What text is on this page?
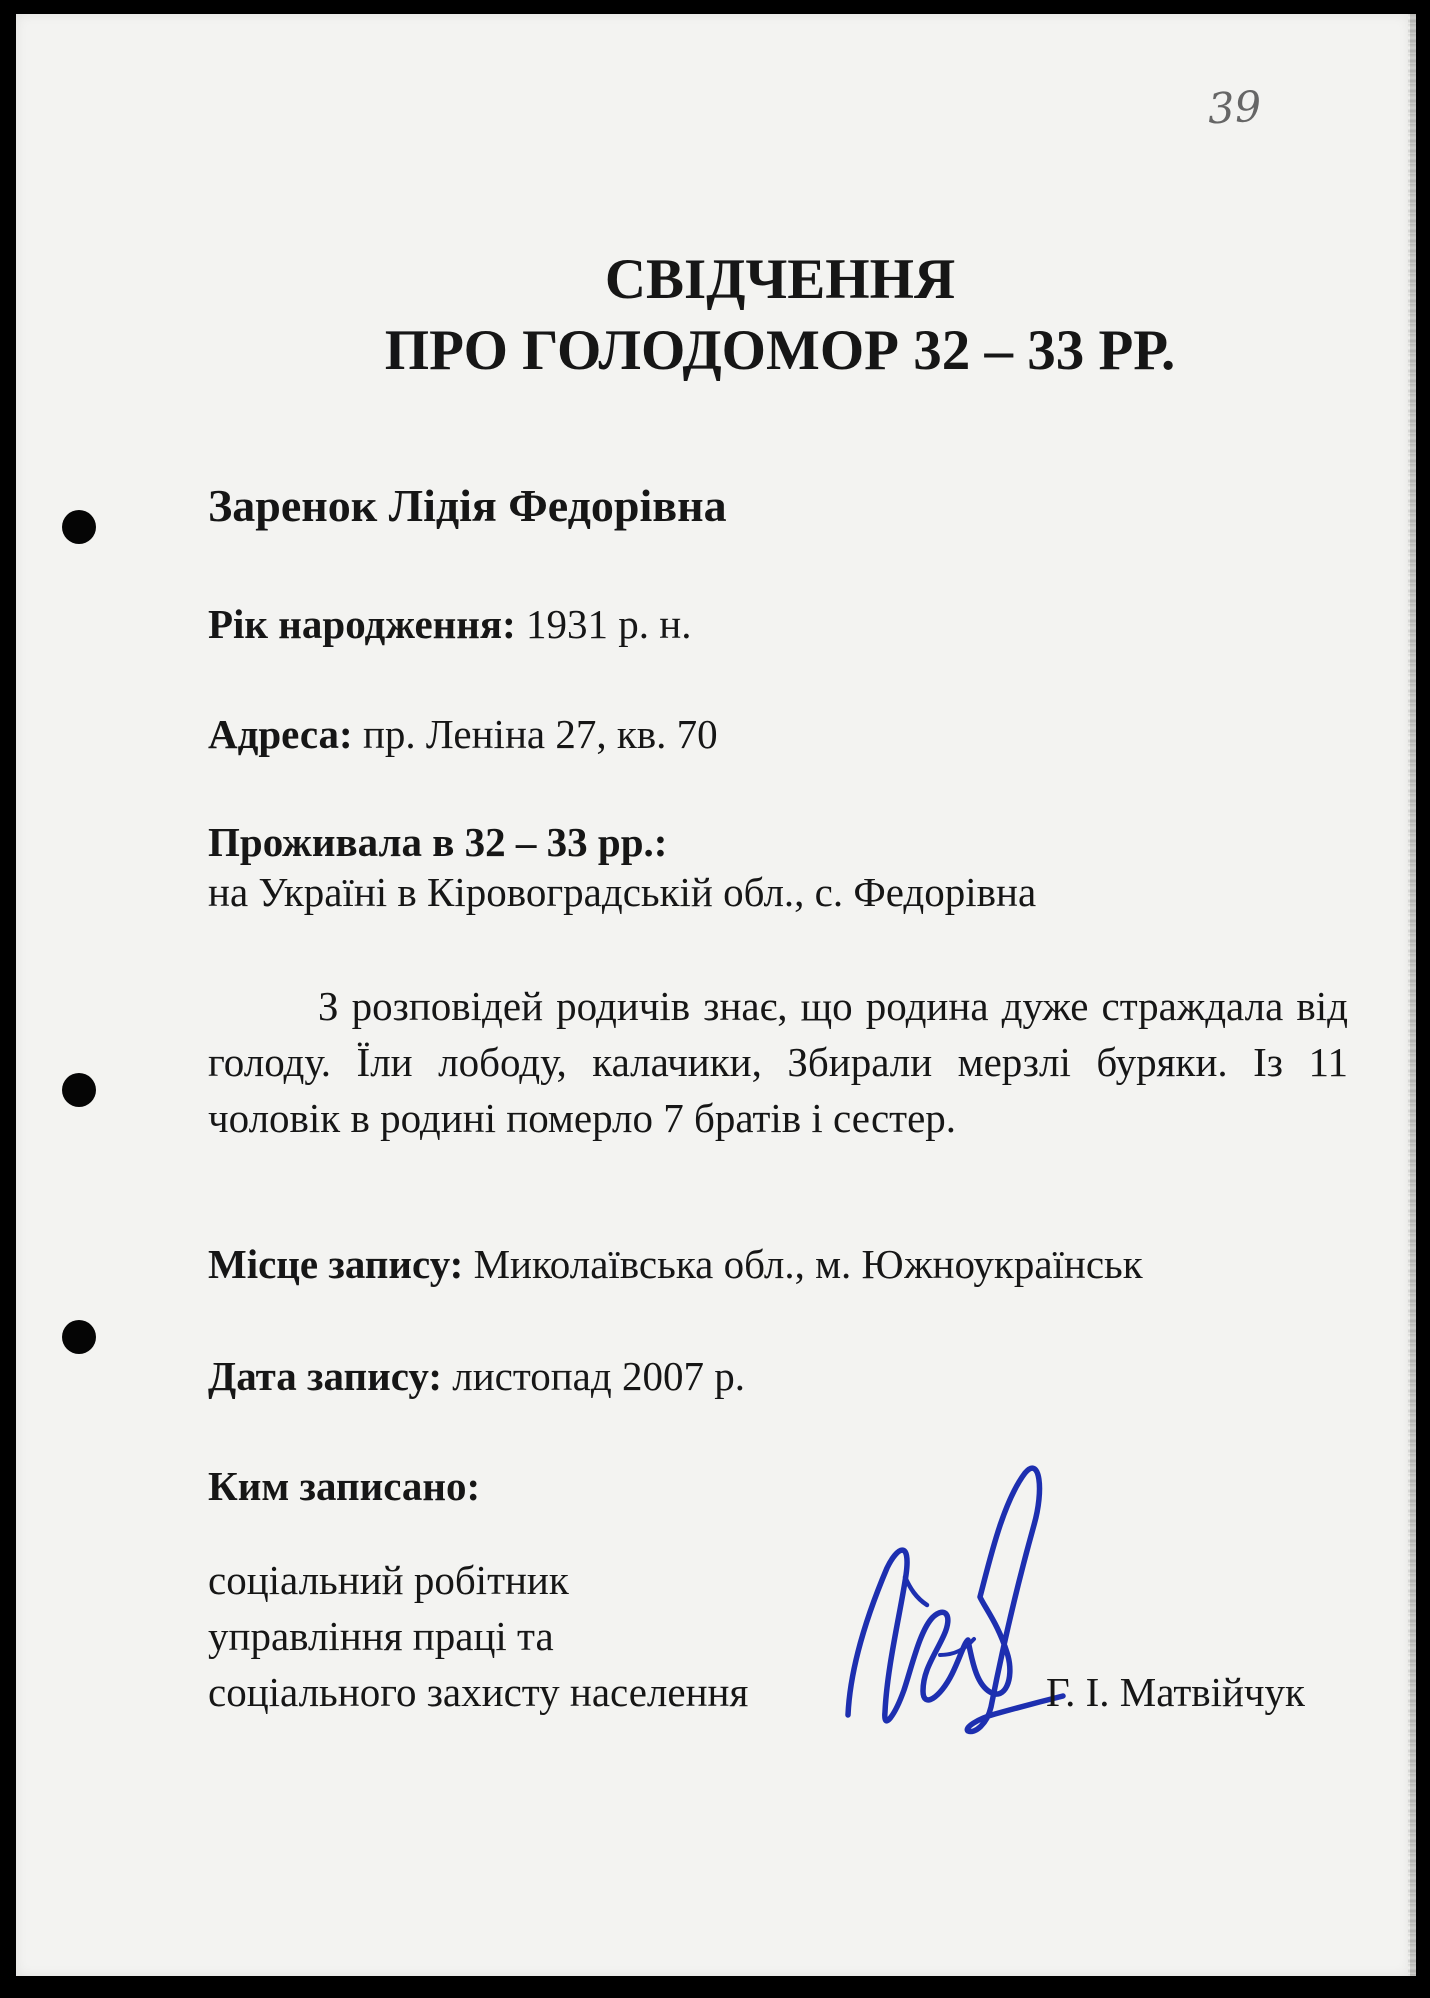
39
СВІДЧЕННЯ
ПРО ГОЛОДОМОР 32 – 33 РР.
Заренок Лідія Федорівна
Рік народження: 1931 р. н.
Адреса: пр. Леніна 27, кв. 70
Проживала в 32 – 33 рр.:
на Україні в Кіровоградській обл., с. Федорівна
З розповідей родичів знає, що родина дуже страждала від голоду. Їли лободу, калачики, Збирали мерзлі буряки. Із 11 чоловік в родині померло 7 братів і сестер.
Місце запису: Миколаївська обл., м. Южноукраїнськ
Дата запису: листопад 2007 р.
Ким записано:
соціальний робітник
управління праці та
соціального захисту населення	Г. І. Матвійчук
